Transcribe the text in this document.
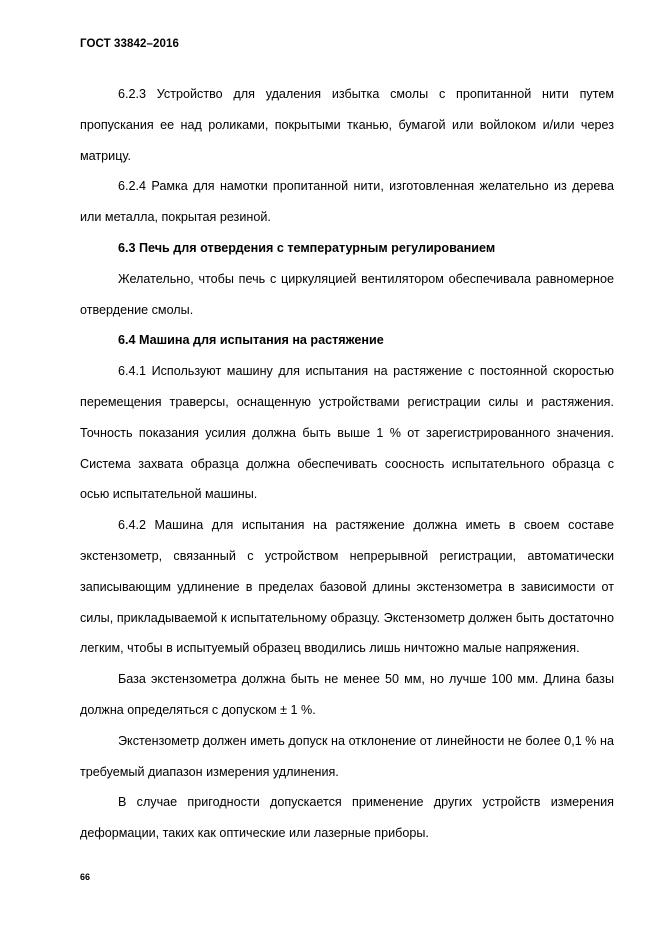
ГОСТ 33842–2016

6.2.3 Устройство для удаления избытка смолы с пропитанной нити путем пропускания ее над роликами, покрытыми тканью, бумагой или войлоком и/или через матрицу.

6.2.4 Рамка для намотки пропитанной нити, изготовленная желательно из дерева или металла, покрытая резиной.

6.3 Печь для отвердения с температурным регулированием

Желательно, чтобы печь с циркуляцией вентилятором обеспечивала равномерное отвердение смолы.

6.4 Машина для испытания на растяжение

6.4.1 Используют машину для испытания на растяжение с постоянной скоростью перемещения траверсы, оснащенную устройствами регистрации силы и растяжения. Точность показания усилия должна быть выше 1 % от зарегистрированного значения. Система захвата образца должна обеспечивать соосность испытательного образца с осью испытательной машины.

6.4.2 Машина для испытания на растяжение должна иметь в своем составе экстензометр, связанный с устройством непрерывной регистрации, автоматически записывающим удлинение в пределах базовой длины экстензометра в зависимости от силы, прикладываемой к испытательному образцу. Экстензометр должен быть достаточно легким, чтобы в испытуемый образец вводились лишь ничтожно малые напряжения.

База экстензометра должна быть не менее 50 мм, но лучше 100 мм. Длина базы должна определяться с допуском ± 1 %.

Экстензометр должен иметь допуск на отклонение от линейности не более 0,1 % на требуемый диапазон измерения удлинения.

В случае пригодности допускается применение других устройств измерения деформации, таких как оптические или лазерные приборы.

66
